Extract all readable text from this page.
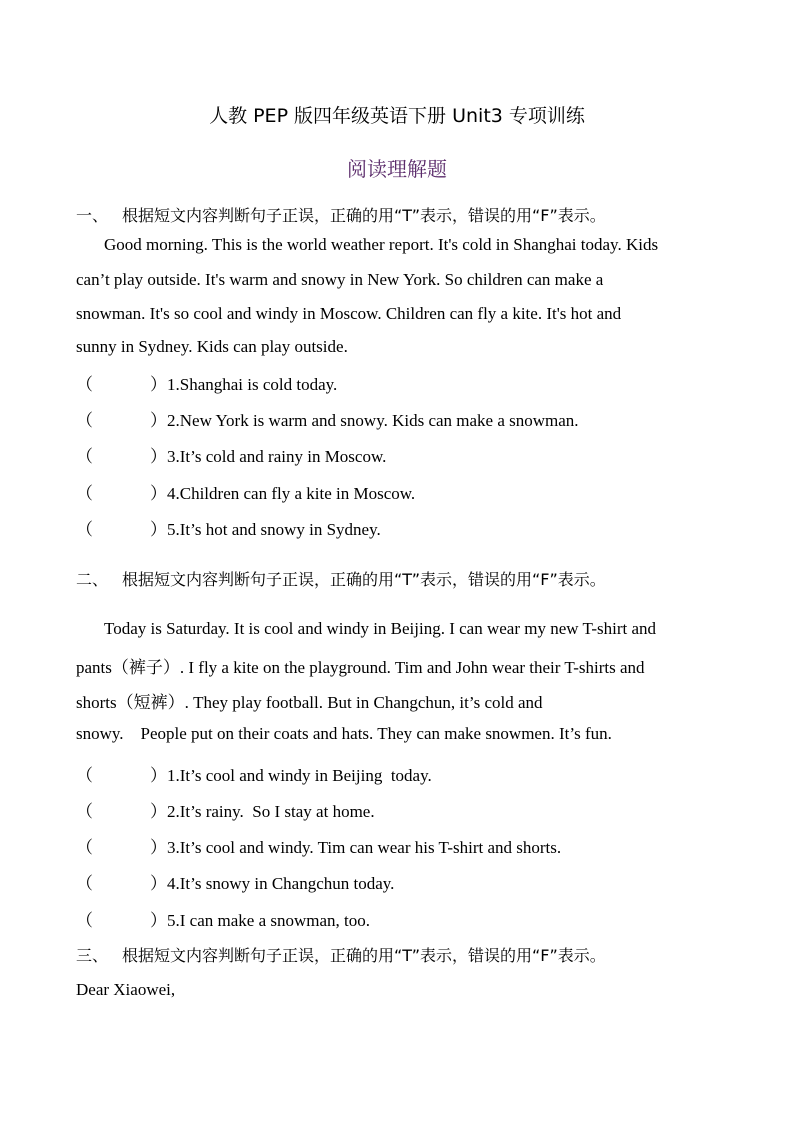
人教 PEP 版四年级英语下册 Unit3 专项训练
阅读理解题
一、 根据短文内容判断句子正误，正确的用“T”表示，错误的用“F”表示。
Good morning. This is the world weather report. It's cold in Shanghai today. Kids
can’t play outside. It's warm and snowy in New York. So children can make a
snowman. It's so cool and windy in Moscow. Children can fly a kite. It's hot and
sunny in Sydney. Kids can play outside.
（	）1.Shanghai is cold today.
（	）2.New York is warm and snowy. Kids can make a snowman.
（	）3.It’s cold and rainy in Moscow.
（	）4.Children can fly a kite in Moscow.
（	）5.It’s hot and snowy in Sydney.
二、 根据短文内容判断句子正误，正确的用“T”表示，错误的用“F”表示。
Today is Saturday. It is cool and windy in Beijing. I can wear my new T-shirt and
pants（裤子）. I fly a kite on the playground. Tim and John wear their T-shirts and
shorts（短裤）. They play football. But in Changchun, it’s cold and
snowy.    People put on their coats and hats. They can make snowmen. It’s fun.
（	）1.It’s cool and windy in Beijing  today.
（	）2.It’s rainy.  So I stay at home.
（	）3.It’s cool and windy. Tim can wear his T-shirt and shorts.
（	）4.It’s snowy in Changchun today.
（	）5.I can make a snowman, too.
三、 根据短文内容判断句子正误，正确的用“T”表示，错误的用“F”表示。
Dear Xiaowei,
